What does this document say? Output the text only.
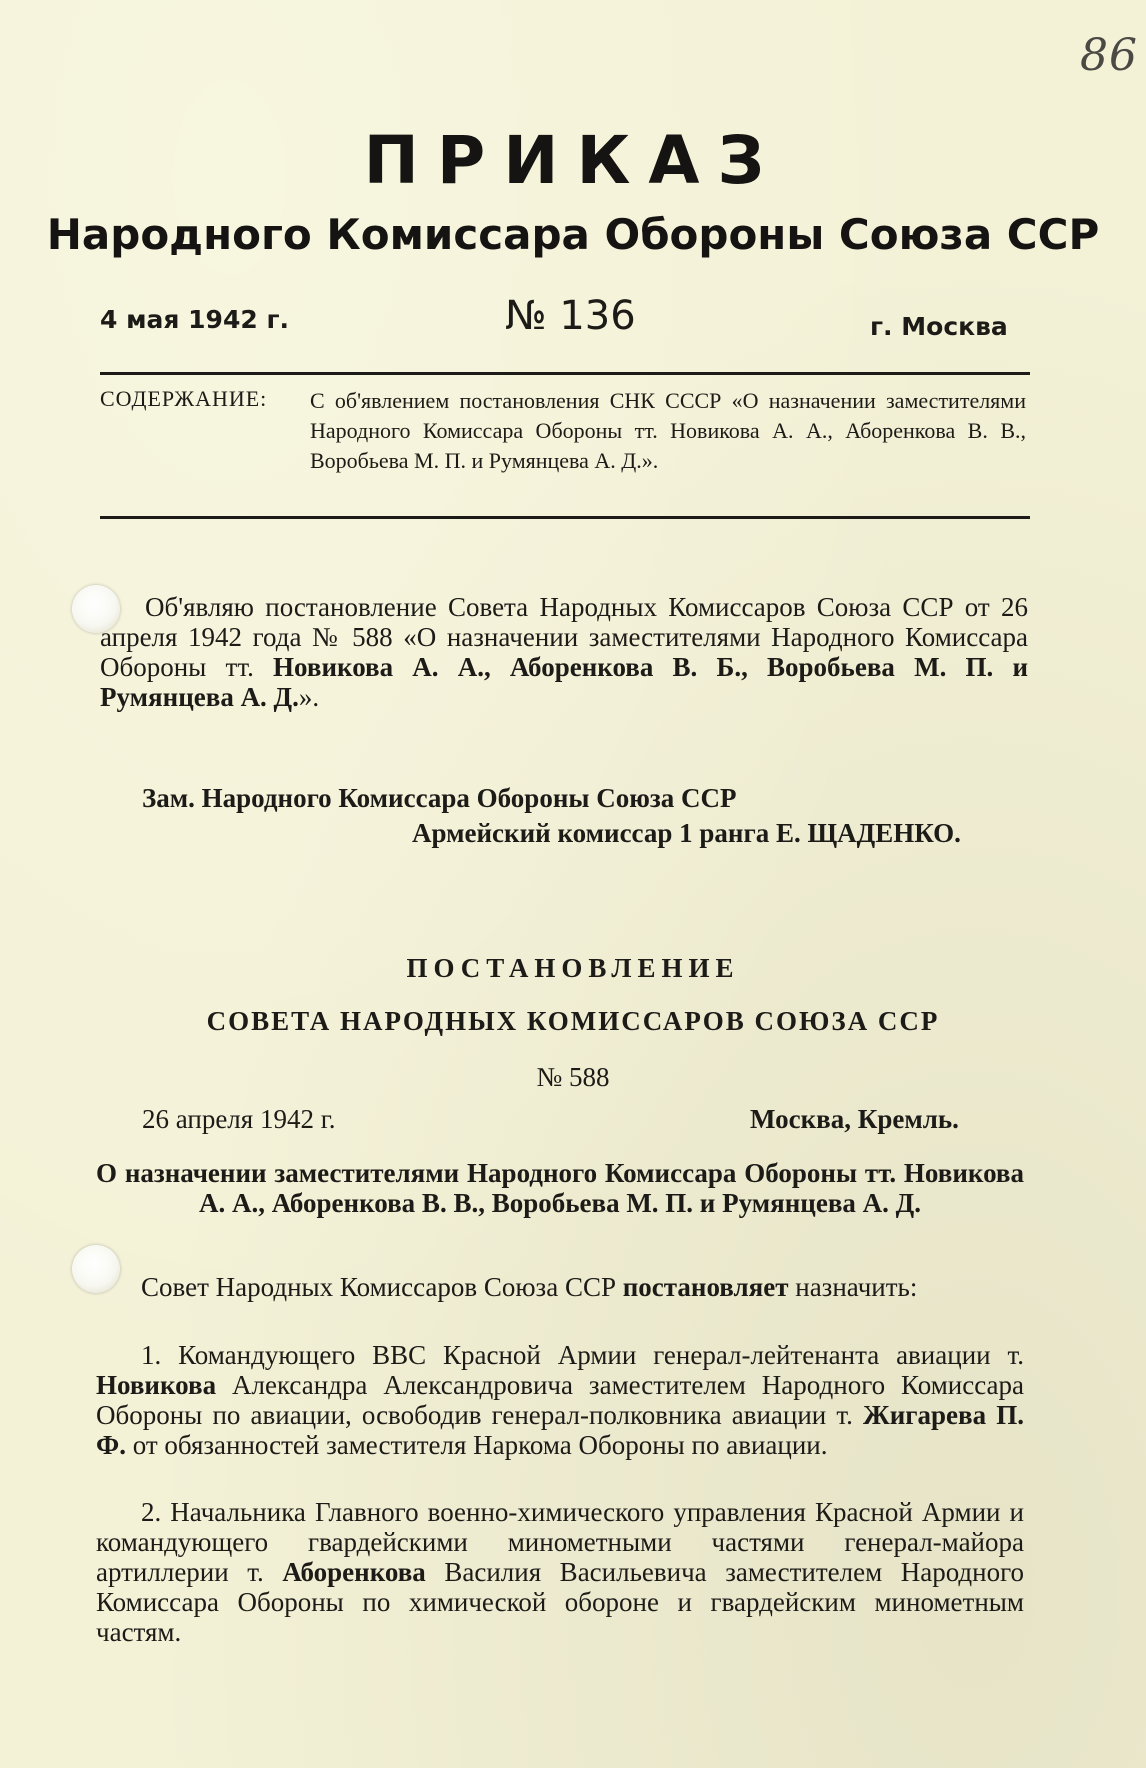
86
ПРИКАЗ
Народного Комиссара Обороны Союза ССР
4 мая 1942 г.	№ 136	г. Москва
СОДЕРЖАНИЕ: С об'явлением постановления СНК СССР «О назначении заместителями Народного Комиссара Обороны тт. Новикова А. А., Аборенкова В. В., Воробьева М. П. и Румянцева А. Д.».
Об'являю постановление Совета Народных Комиссаров Союза ССР от 26 апреля 1942 года № 588 «О назначении заместителями Народного Комиссара Обороны тт. Новикова А. А., Аборенкова В. Б., Воробьева М. П. и Румянцева А. Д.».
Зам. Народного Комиссара Обороны Союза ССР
Армейский комиссар 1 ранга Е. ЩАДЕНКО.
ПОСТАНОВЛЕНИЕ
СОВЕТА НАРОДНЫХ КОМИССАРОВ СОЮЗА ССР
№ 588
26 апреля 1942 г.	Москва, Кремль.
О назначении заместителями Народного Комиссара Обороны тт. Новикова А. А., Аборенкова В. В., Воробьева М. П. и Румянцева А. Д.
Совет Народных Комиссаров Союза ССР постановляет назначить:
1. Командующего ВВС Красной Армии генерал-лейтенанта авиации т. Новикова Александра Александровича заместителем Народного Комиссара Обороны по авиации, освободив генерал-полковника авиации т. Жигарева П. Ф. от обязанностей заместителя Наркома Обороны по авиации.
2. Начальника Главного военно-химического управления Красной Армии и командующего гвардейскими минометными частями генерал-майора артиллерии т. Аборенкова Василия Васильевича заместителем Народного Комиссара Обороны по химической обороне и гвардейским минометным частям.
